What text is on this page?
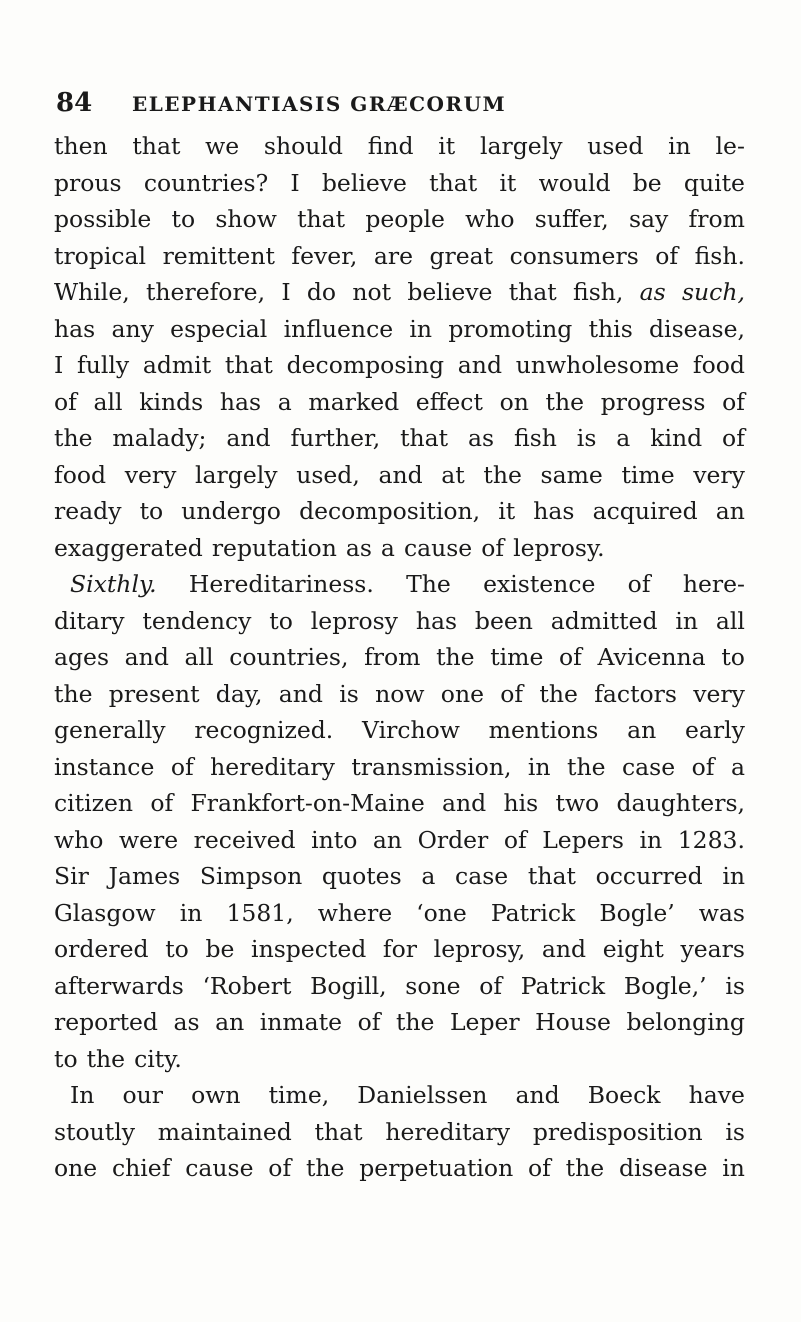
84 ELEPHANTIASIS GRÆCORUM
then that we should find it largely used in le-
prous countries? I believe that it would be quite
possible to show that people who suffer, say from
tropical remittent fever, are great consumers of fish.
While, therefore, I do not believe that fish, as such,
has any especial influence in promoting this disease,
I fully admit that decomposing and unwholesome food
of all kinds has a marked effect on the progress of
the malady; and further, that as fish is a kind of
food very largely used, and at the same time very
ready to undergo decomposition, it has acquired an
exaggerated reputation as a cause of leprosy.
Sixthly. Hereditariness. The existence of here-
ditary tendency to leprosy has been admitted in all
ages and all countries, from the time of Avicenna to
the present day, and is now one of the factors very
generally recognized. Virchow mentions an early
instance of hereditary transmission, in the case of a
citizen of Frankfort-on-Maine and his two daughters,
who were received into an Order of Lepers in 1283.
Sir James Simpson quotes a case that occurred in
Glasgow in 1581, where ‘one Patrick Bogle’ was
ordered to be inspected for leprosy, and eight years
afterwards ‘Robert Bogill, sone of Patrick Bogle,’ is
reported as an inmate of the Leper House belonging
to the city.
In our own time, Danielssen and Boeck have
stoutly maintained that hereditary predisposition is
one chief cause of the perpetuation of the disease in
